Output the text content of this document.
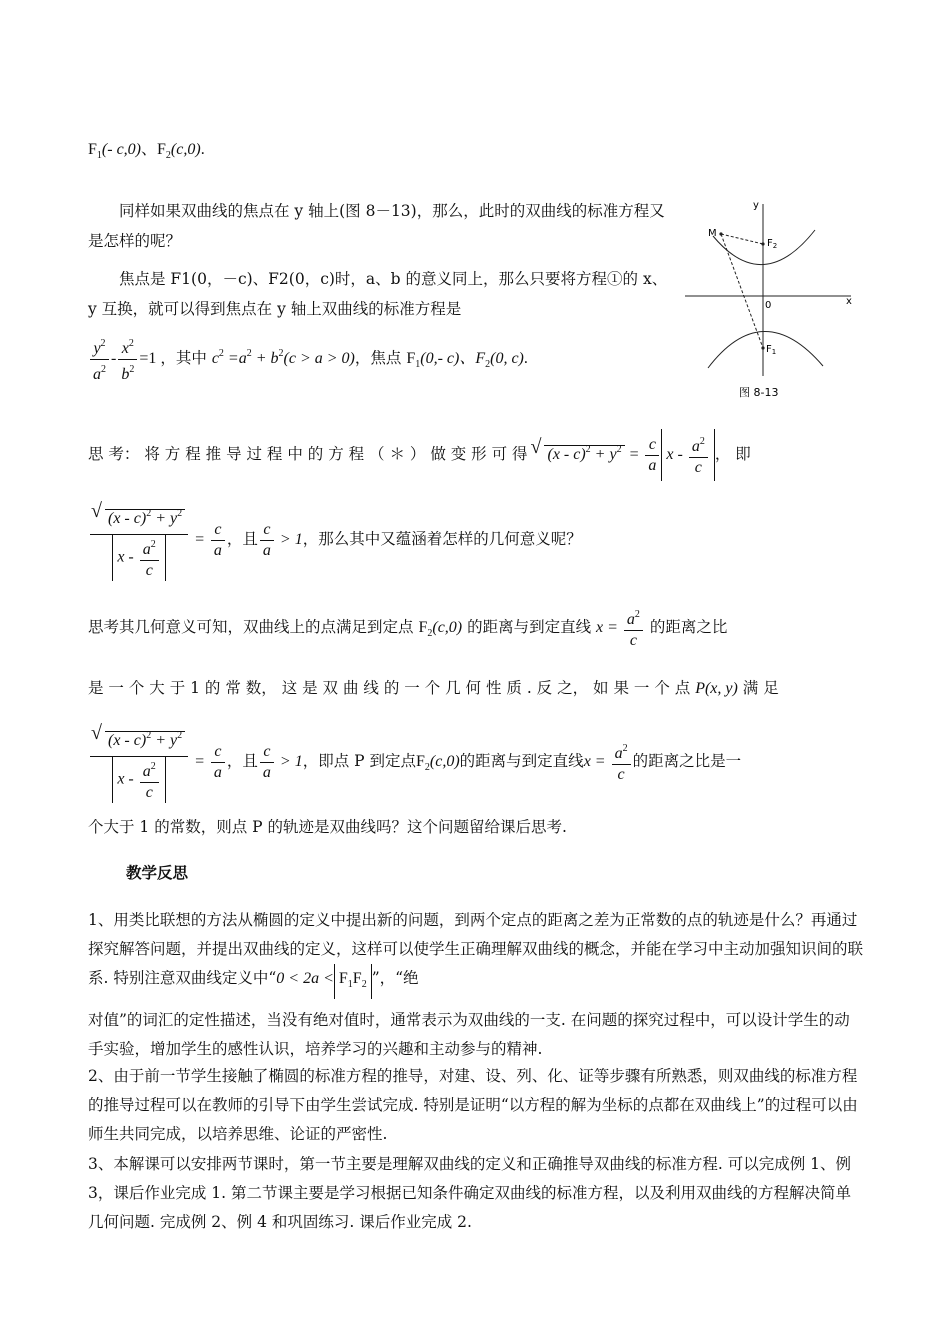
$F_1(-$ c,0)、$F_2(c,0)$.
同样如果双曲线的焦点在 y 轴上(图 8－13)，那么，此时的双曲线的标准方程又是怎样的呢？
焦点是 F1(0，－c)、F2(0，c)时，a、b 的意义同上，那么只要将方程①的 x、y 互换，就可以得到焦点在 y 轴上双曲线的标准方程是
$\frac{y^2}{a^2} - \frac{x^2}{b^2} =1$ ，其中 $c^2 =a^2 + b^2(c > a > 0)$，焦点 $F_1(0,-$ c)、$F_2(0$, c).
x
y
0
M
$F_2$
$F_1$
图 8-13
思 考： 将 方 程 推 导 过 程 中 的 方 程 （ ＊ ） 做 变 形 可 得 √ $(x - c)^2 + y^2 = \frac{c}{a}$ x - $\frac{a^2}{c}$ ， 即
√ $\frac{(x - c)^2 + y^2}{x - \frac{a^2}{c}} = \frac{c}{a}$ ，且 $\frac{c}{a} > 1$，那么其中又蕴涵着怎样的几何意义呢？
思考其几何意义可知，双曲线上的点满足到定点 $F_2(c,0)$ 的距离与到定直线 $x = \frac{a^2}{c}$ 的距离之比
是 一 个 大 于 1 的 常 数， 这 是 双 曲 线 的 一 个 几 何 性 质 . 反 之， 如 果 一 个 点 P(x, y) 满 足
√ $\frac{(x - c)^2 + y^2}{x - \frac{a^2}{c}} = \frac{c}{a}$ ，且 $\frac{c}{a} > 1$，即点 P 到定点$F_2(c,0)$的距离与到定直线$x = \frac{a^2}{c}$ 的距离之比是一
个大于 1 的常数，则点 P 的轨迹是双曲线吗？这个问题留给课后思考.
教学反思
1、用类比联想的方法从椭圆的定义中提出新的问题，到两个定点的距离之差为正常数的点的轨迹是什么？再通过探究解答问题，并提出双曲线的定义，这样可以使学生正确理解双曲线的概念，并能在学习中主动加强知识间的联系. 特别注意双曲线定义中“$0 < 2a < F_1F_2$ ”，“绝
对值”的词汇的定性描述，当没有绝对值时，通常表示为双曲线的一支. 在问题的探究过程中，可以设计学生的动手实验，增加学生的感性认识，培养学习的兴趣和主动参与的精神.
2、由于前一节学生接触了椭圆的标准方程的推导，对建、设、列、化、证等步骤有所熟悉，则双曲线的标准方程的推导过程可以在教师的引导下由学生尝试完成. 特别是证明“以方程的解为坐标的点都在双曲线上”的过程可以由师生共同完成，以培养思维、论证的严密性.
3、本解课可以安排两节课时，第一节主要是理解双曲线的定义和正确推导双曲线的标准方程. 可以完成例 1、例 3，课后作业完成 1. 第二节课主要是学习根据已知条件确定双曲线的标准方程，以及利用双曲线的方程解决简单几何问题. 完成例 2、例 4 和巩固练习. 课后作业完成 2.
